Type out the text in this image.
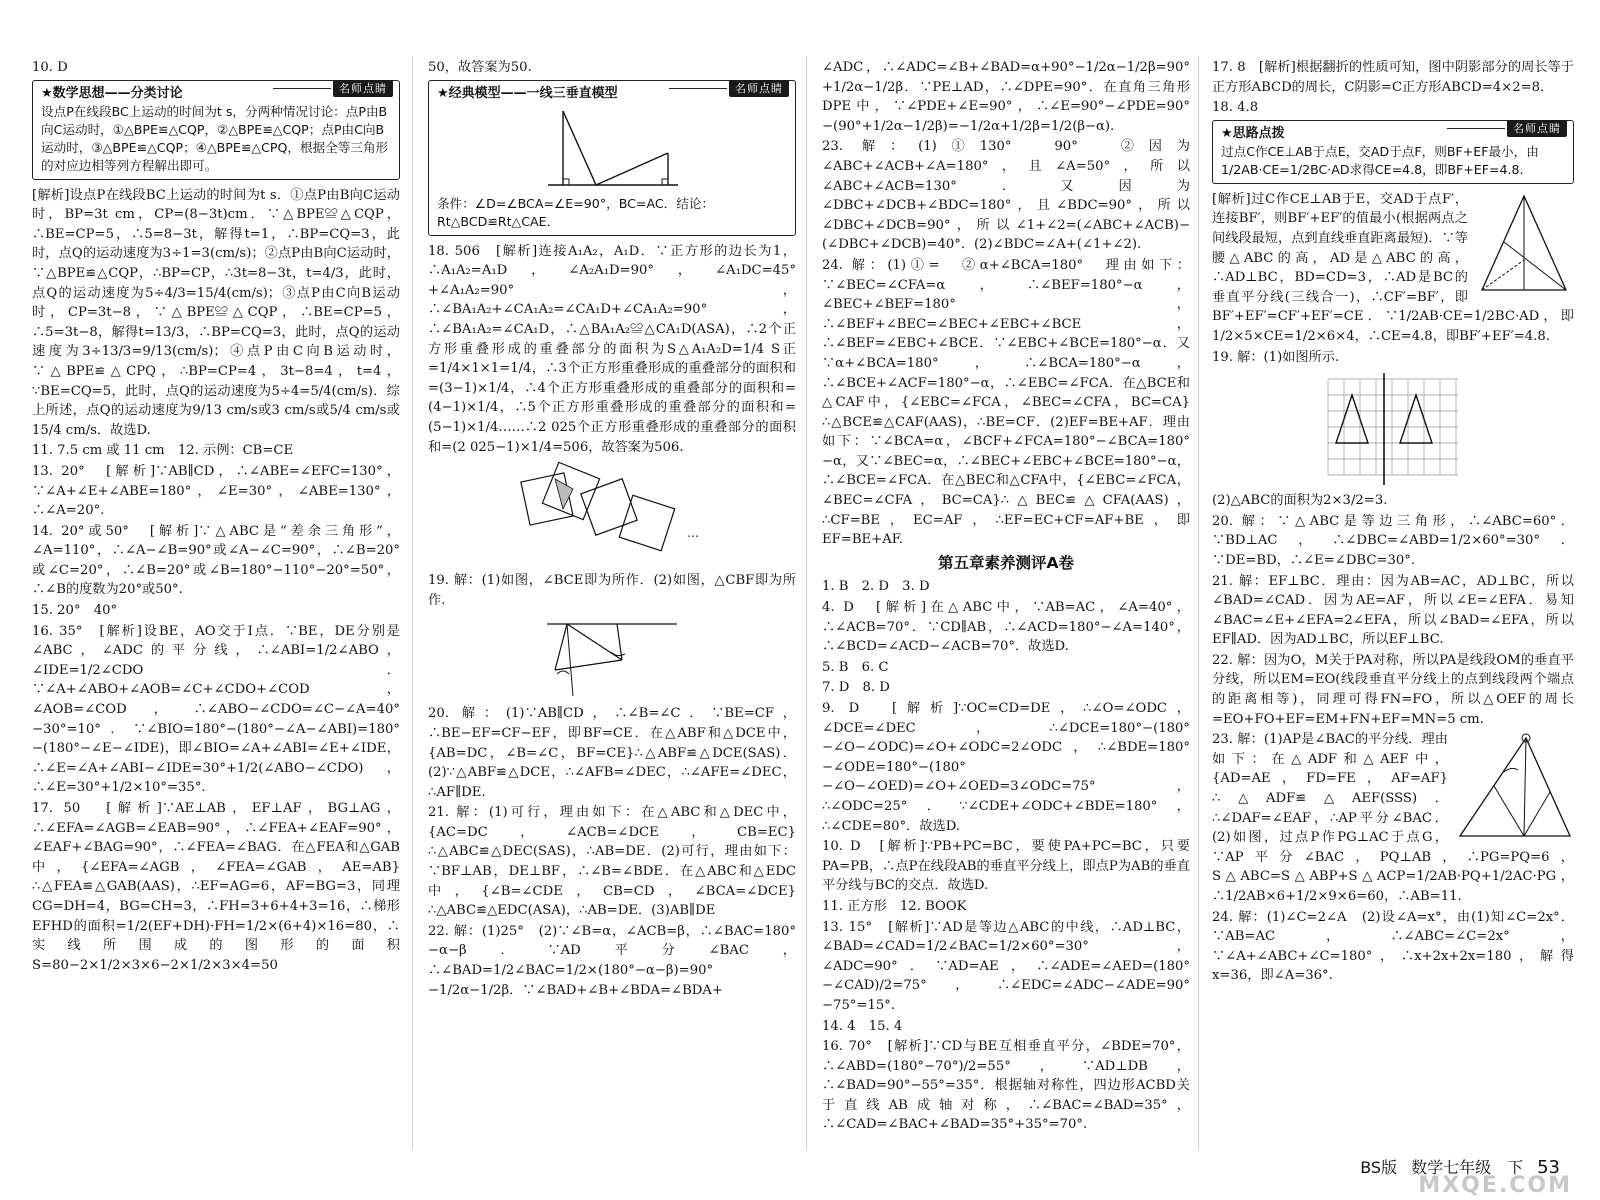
10. D

名师点睛
★数学思想——分类讨论
设点P在线段BC上运动的时间为t s，分两种情况讨论：点P由B向C运动时，①△BPE≌△CQP，②△BPE≌△CQP；点P由C向B运动时，③△BPE≌△CQP；④△BPE≌△CPQ，根据全等三角形的对应边相等列方程解出即可。

[解析]设点P在线段BC上运动的时间为t s．①点P由B向C运动时，BP=3t cm，CP=(8−3t)cm．∵△BPE≌△CQP，∴BE=CP=5，∴5=8−3t，解得t=1，∴BP=CQ=3，此时，点Q的运动速度为3÷1=3(cm/s)；②点P由B向C运动时，∵△BPE≌△CQP，∴BP=CP，∴3t=8−3t，t=4/3，此时，点Q的运动速度为5÷4/3=15/4(cm/s)；③点P由C向B运动时，CP=3t−8，∵△BPE≌△CQP，∴BE=CP=5，∴5=3t−8，解得t=13/3，∴BP=CQ=3，此时，点Q的运动速度为3÷13/3=9/13(cm/s)；④点P由C向B运动时，∵△BPE≌△CPQ，∴BP=CP=4，3t−8=4，t=4，∵BE=CQ=5，此时，点Q的运动速度为5÷4=5/4(cm/s)．综上所述，点Q的运动速度为9/13 cm/s或3 cm/s或5/4 cm/s或15/4 cm/s．故选D.

11. 7.5 cm 或 11 cm　12. 示例：CB=CE

13. 20°　[解析]∵AB∥CD，∴∠ABE=∠EFC=130°，∵∠A+∠E+∠ABE=180°，∠E=30°，∠ABE=130°，∴∠A=20°.

14. 20°或50°　[解析]∵△ABC是“差余三角形”，∠A=110°，∴∠A−∠B=90°或∠A−∠C=90°，∴∠B=20°或∠C=20°，∴∠B=20°或∠B=180°−110°−20°=50°，∴∠B的度数为20°或50°.

15. 20°　40°

16. 35°　[解析]设BE，AO交于I点．∵BE，DE分别是∠ABC，∠ADC的平分线，∴∠ABI=1/2∠ABO，∠IDE=1/2∠CDO．∵∠A+∠ABO+∠AOB=∠C+∠CDO+∠COD，∠AOB=∠COD，∴∠ABO−∠CDO=∠C−∠A=40°−30°=10°．∵∠BIO=180°−(180°−∠A−∠ABI)=180°−(180°−∠E−∠IDE)，即∠BIO=∠A+∠ABI=∠E+∠IDE，∴∠E=∠A+∠ABI−∠IDE=30°+1/2(∠ABO−∠CDO)，∴∠E=30°+1/2×10°=35°.

17. 50　[解析]∵AE⊥AB，EF⊥AF，BG⊥AG，∴∠EFA=∠AGB=∠EAB=90°，∴∠FEA+∠EAF=90°，∠EAF+∠BAG=90°，∴∠FEA=∠BAG．在△FEA和△GAB中，{∠EFA=∠AGB，∠FEA=∠GAB，AE=AB}∴△FEA≌△GAB(AAS)，∴EF=AG=6，AF=BG=3，同理CG=DH=4，BG=CH=3，∴FH=3+6+4+3=16，∴梯形EFHD的面积=1/2(EF+DH)·FH=1/2×(6+4)×16=80，∴实线所围成的图形的面积S=80−2×1/2×3×6−2×1/2×3×4=50

50，故答案为50.

名师点睛
★经典模型——一线三垂直模型
条件：∠D=∠BCA=∠E=90°，BC=AC．结论：Rt△BCD≌Rt△CAE．

18. 506　[解析]连接A₁A₂，A₁D．∵正方形的边长为1，∴A₁A₂=A₁D，∠A₂A₁D=90°，∠A₁DC=45°+∠A₁A₂=90°，∴∠BA₁A₂+∠CA₁A₂=∠CA₁D+∠CA₁A₂=90°，∴∠BA₁A₂=∠CA₁D，∴△BA₁A₂≌△CA₁D(ASA)，∴2个正方形重叠形成的重叠部分的面积为S△A₁A₂D=1/4 S正=1/4×1×1=1/4，∴3个正方形重叠形成的重叠部分的面积和=(3−1)×1/4，∴4个正方形重叠形成的重叠部分的面积和=(4−1)×1/4，∴5个正方形重叠形成的重叠部分的面积和=(5−1)×1/4……∴2 025个正方形重叠形成的重叠部分的面积和=(2 025−1)×1/4=506，故答案为506.

…

19. 解：(1)如图，∠BCE即为所作．(2)如图，△CBF即为所作.

20. 解：(1)∵AB∥CD，∴∠B=∠C．∵BE=CF，∴BE−EF=CF−EF，即BF=CE．在△ABF和△DCE中，{AB=DC，∠B=∠C，BF=CE}∴△ABF≌△DCE(SAS)．(2)∵△ABF≌△DCE，∴∠AFB=∠DEC，∴∠AFE=∠DEC，∴AF∥DE.

21. 解：(1)可行，理由如下：在△ABC和△DEC中，{AC=DC，∠ACB=∠DCE，CB=EC}∴△ABC≌△DEC(SAS)，∴AB=DE．(2)可行，理由如下：∵BF⊥AB，DE⊥BF，∴∠B=∠BDE．在△ABC和△EDC中，{∠B=∠CDE，CB=CD，∠BCA=∠DCE}∴△ABC≌△EDC(ASA)，∴AB=DE．(3)AB∥DE

22. 解：(1)25°　(2)∵∠B=α，∠ACB=β，∴∠BAC=180°−α−β．∵AD平分∠BAC，∴∠BAD=1/2∠BAC=1/2×(180°−α−β)=90°−1/2α−1/2β．∵∠BAD+∠B+∠BDA=∠BDA+

∠ADC，∴∠ADC=∠B+∠BAD=α+90°−1/2α−1/2β=90°+1/2α−1/2β．∵PE⊥AD，∴∠DPE=90°．在直角三角形DPE中，∵∠PDE+∠E=90°，∴∠E=90°−∠PDE=90°−(90°+1/2α−1/2β)=−1/2α+1/2β=1/2(β−α).

23. 解：(1)①130°　90°　②因为∠ABC+∠ACB+∠A=180°，且∠A=50°，所以∠ABC+∠ACB=130°．又因为∠DBC+∠DCB+∠BDC=180°，且∠BDC=90°，所以∠DBC+∠DCB=90°，所以∠1+∠2=(∠ABC+∠ACB)−(∠DBC+∠DCB)=40°．(2)∠BDC=∠A+(∠1+∠2).

24. 解：(1)①=　②α+∠BCA=180°　理由如下：∵∠BEC=∠CFA=α，∴∠BEF=180°−α，∠BEC+∠BEF=180°，∴∠BEF+∠BEC=∠BEC+∠EBC+∠BCE，∴∠BEF=∠EBC+∠BCE．∵∠EBC+∠BCE=180°−α．又∵α+∠BCA=180°，∴∠BCA=180°−α，∴∠BCE+∠ACF=180°−α，∴∠EBC=∠FCA．在△BCE和△CAF中，{∠EBC=∠FCA，∠BEC=∠CFA，BC=CA}∴△BCE≌△CAF(AAS)，∴BE=CF．(2)EF=BE+AF．理由如下：∵∠BCA=α，∠BCF+∠FCA=180°−∠BCA=180°−α，又∵∠BEC=α，∴∠BEC+∠EBC+∠BCE=180°−α，∴∠BCE=∠FCA．在△BEC和△CFA中，{∠EBC=∠FCA，∠BEC=∠CFA，BC=CA}∴△BEC≌△CFA(AAS)，∴CF=BE，EC=AF，∴EF=EC+CF=AF+BE，即EF=BE+AF.

第五章素养测评A卷

1. B　2. D　3. D

4. D　[解析]在△ABC中，∵AB=AC，∠A=40°，∴∠ACB=70°．∵CD∥AB，∴∠ACD=180°−∠A=140°，∴∠BCD=∠ACD−∠ACB=70°．故选D.

5. B　6. C

7. D　8. D

9. D　[解析]∵OC=CD=DE，∴∠O=∠ODC，∠DCE=∠DEC，∴∠DCE=180°−(180°−∠O−∠ODC)=∠O+∠ODC=2∠ODC，∴∠BDE=180°−∠ODE=180°−(180°−∠O−∠OED)=∠O+∠OED=3∠ODC=75°，∴∠ODC=25°．∵∠CDE+∠ODC+∠BDE=180°，∴∠CDE=80°．故选D.

10. D　[解析]∵PB+PC=BC，要使PA+PC=BC，只要PA=PB，∴点P在线段AB的垂直平分线上，即点P为AB的垂直平分线与BC的交点．故选D.

11. 正方形　12. BOOK

13. 15°　[解析]∵AD是等边△ABC的中线，∴AD⊥BC，∠BAD=∠CAD=1/2∠BAC=1/2×60°=30°，∠ADC=90°．∵AD=AE，∴∠ADE=∠AED=(180°−∠CAD)/2=75°，∴∠EDC=∠ADC−∠ADE=90°−75°=15°.

14. 4　15. 4

16. 70°　[解析]∵CD与BE互相垂直平分，∠BDE=70°，∴∠ABD=(180°−70°)/2=55°，∵AD⊥DB，∴∠BAD=90°−55°=35°．根据轴对称性，四边形ACBD关于直线AB成轴对称，∴∠BAC=∠BAD=35°，∴∠CAD=∠BAC+∠BAD=35°+35°=70°.

17. 8　[解析]根据翻折的性质可知，图中阴影部分的周长等于正方形ABCD的周长，C阴影=C正方形ABCD=4×2=8.

18. 4.8

名师点睛
★思路点拨
过点C作CE⊥AB于点E，交AD于点F，则BF+EF最小，由1/2AB·CE=1/2BC·AD求得CE=4.8，即BF+EF=4.8.

[解析]过C作CE⊥AB于E，交AD于点F′，连接BF′，则BF′+EF′的值最小(根据两点之间线段最短，点到直线垂直距离最短)．∵等腰△ABC的高，AD是△ABC的高，∴AD⊥BC，BD=CD=3，∴AD是BC的垂直平分线(三线合一)，∴CF′=BF′，即BF′+EF′=CF′+EF′=CE．∵1/2AB·CE=1/2BC·AD，即1/2×5×CE=1/2×6×4，∴CE=4.8，即BF′+EF′=4.8.

19. 解：(1)如图所示.

(2)△ABC的面积为2×3/2=3.

20. 解：∵△ABC是等边三角形，∴∠ABC=60°．∵BD⊥AC，∴∠DBC=∠ABD=1/2×60°=30°．∵DE=BD，∴∠E=∠DBC=30°.

21. 解：EF⊥BC．理由：因为AB=AC，AD⊥BC，所以∠BAD=∠CAD．因为AE=AF，所以∠E=∠EFA．易知∠BAC=∠E+∠EFA=2∠EFA，所以∠BAD=∠EFA，所以EF∥AD．因为AD⊥BC，所以EF⊥BC.

22. 解：因为O，M关于PA对称，所以PA是线段OM的垂直平分线，所以EM=EO(线段垂直平分线上的点到线段两个端点的距离相等)，同理可得FN=FO，所以△OEF的周长=EO+FO+EF=EM+FN+EF=MN=5 cm.

23. 解：(1)AP是∠BAC的平分线．理由如下：在△ADF和△AEF中，{AD=AE，FD=FE，AF=AF}∴△ADF≌△AEF(SSS)．∴∠DAF=∠EAF，∴AP平分∠BAC．(2)如图，过点P作PG⊥AC于点G，∵AP平分∠BAC，PQ⊥AB，∴PG=PQ=6，S△ABC=S△ABP+S△ACP=1/2AB·PQ+1/2AC·PG，∴1/2AB×6+1/2×9×6=60，∴AB=11.

24. 解：(1)∠C=2∠A　(2)设∠A=x°，由(1)知∠C=2x°．∵AB=AC，∴∠ABC=∠C=2x°，∵∠A+∠ABC+∠C=180°，∴x+2x+2x=180，解得x=36，即∠A=36°.

BS版 数学七年级　下 53
MXQE.COM
